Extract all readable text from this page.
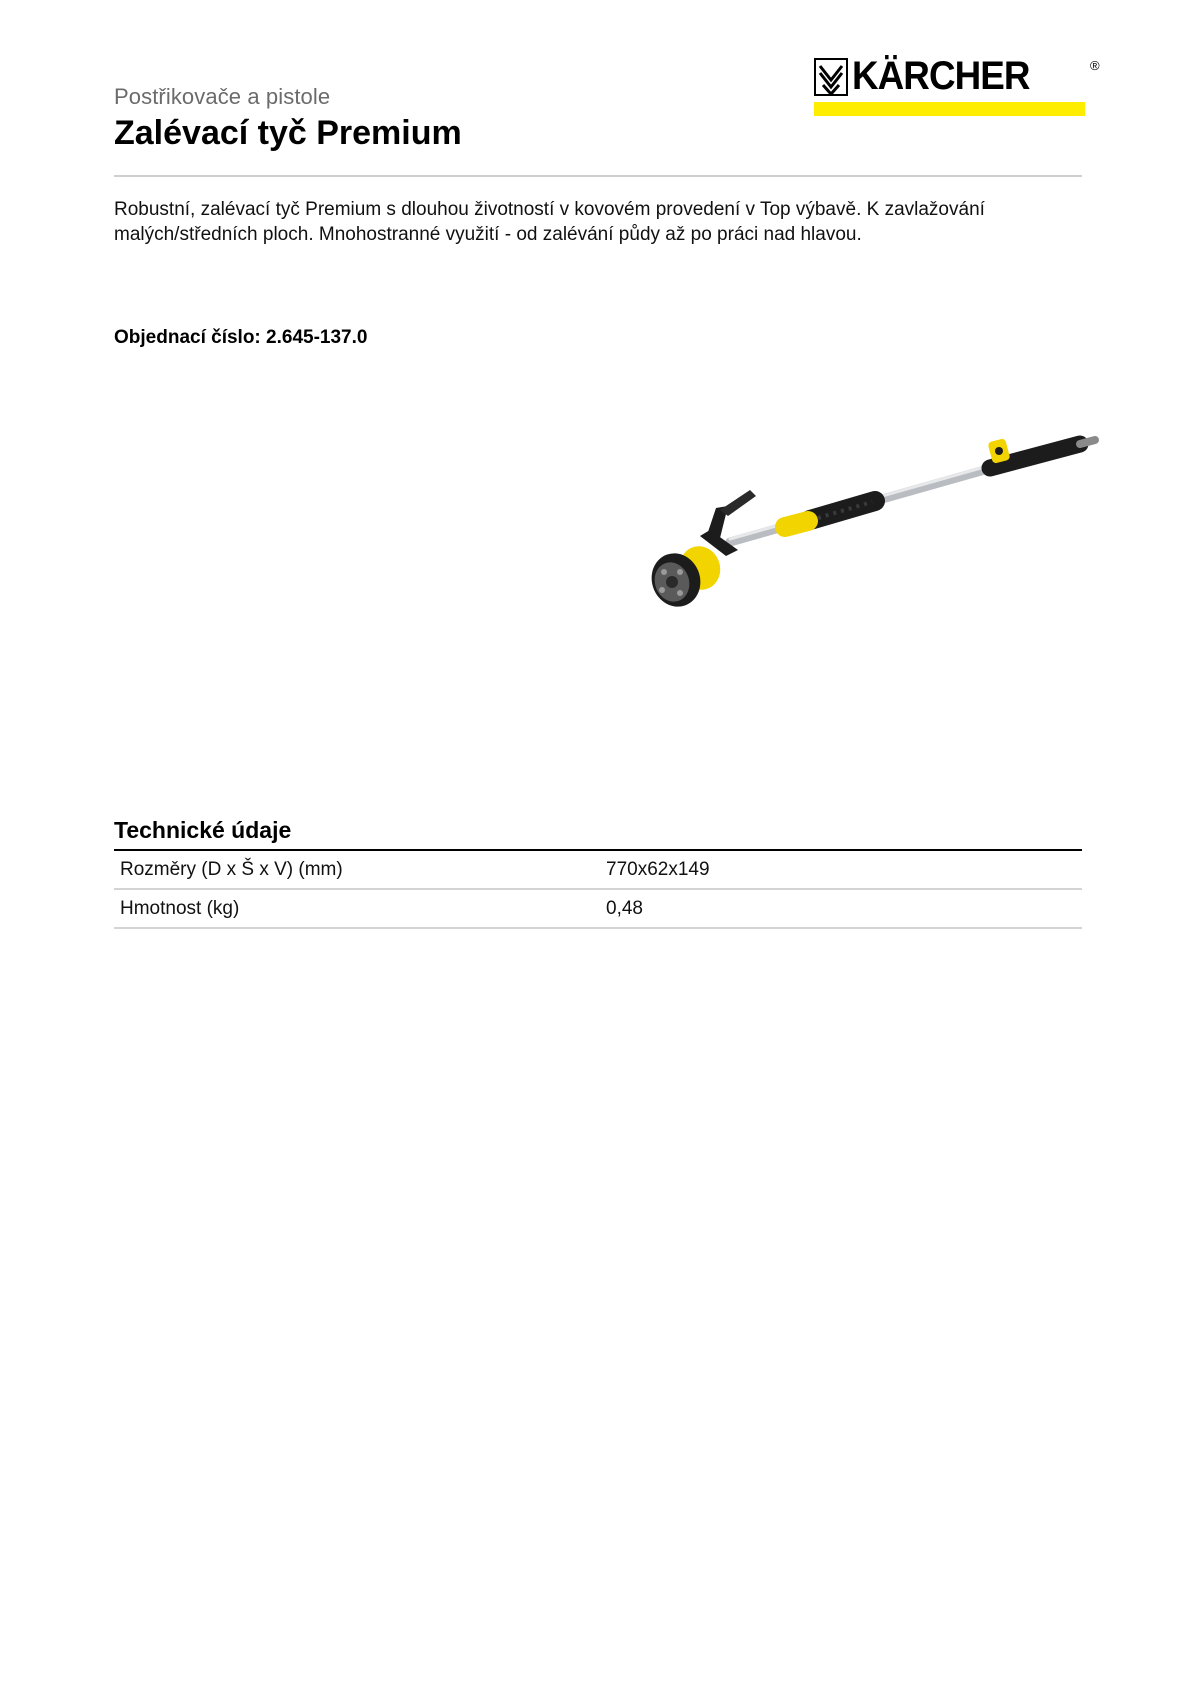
Postřikovače a pistole
Zalévací tyč Premium
KÄRCHER	®
Robustní, zalévací tyč Premium s dlouhou životností v kovovém provedení v Top výbavě. K zavlažování malých/středních ploch. Mnohostranné využití - od zalévání půdy až po práci nad hlavou.
Objednací číslo: 2.645-137.0
Technické údaje
Rozměry (D x Š x V) (mm)	770x62x149
Hmotnost (kg)	0,48
